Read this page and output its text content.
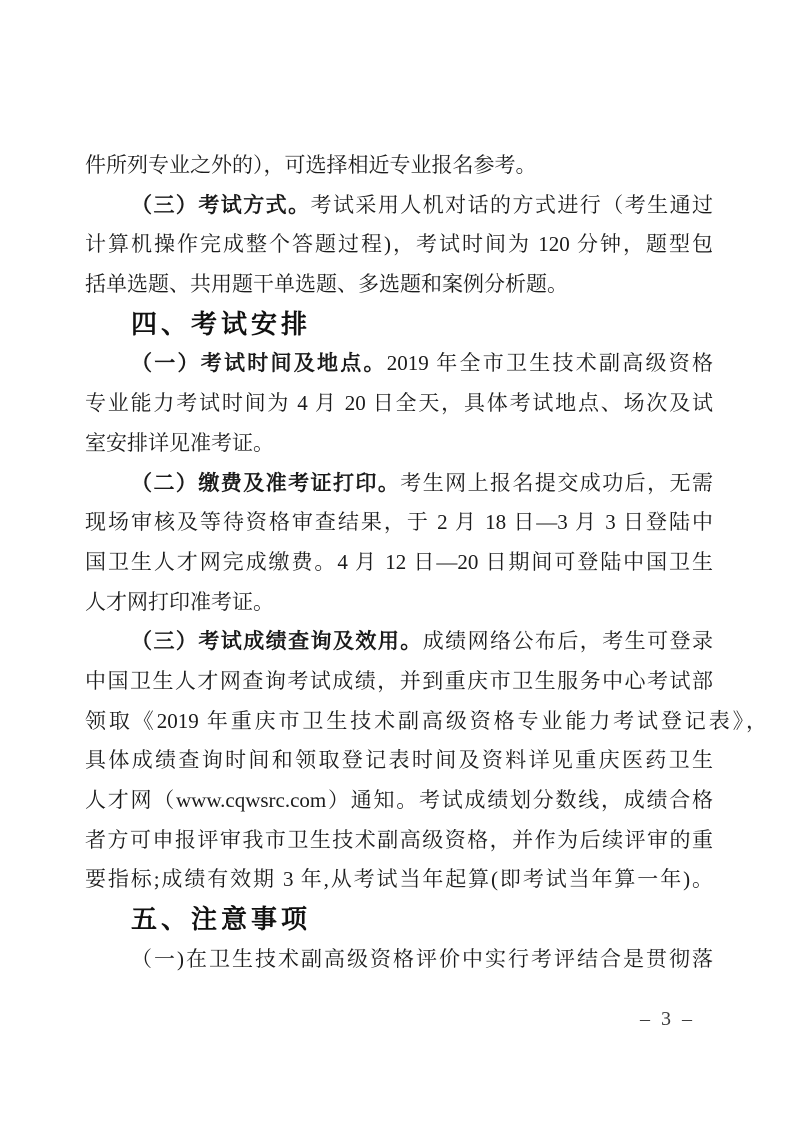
件所列专业之外的），可选择相近专业报名参考。
（三）考试方式。考试采用人机对话的方式进行（考生通过
计算机操作完成整个答题过程)，考试时间为 120 分钟，题型包
括单选题、共用题干单选题、多选题和案例分析题。
四、考试安排
（一）考试时间及地点。2019 年全市卫生技术副高级资格
专业能力考试时间为 4 月 20 日全天，具体考试地点、场次及试
室安排详见准考证。
（二）缴费及准考证打印。考生网上报名提交成功后，无需
现场审核及等待资格审查结果，于 2 月 18 日—3 月 3 日登陆中
国卫生人才网完成缴费。4 月 12 日—20 日期间可登陆中国卫生
人才网打印准考证。
（三）考试成绩查询及效用。成绩网络公布后，考生可登录
中国卫生人才网查询考试成绩，并到重庆市卫生服务中心考试部
领取《2019 年重庆市卫生技术副高级资格专业能力考试登记表》，
具体成绩查询时间和领取登记表时间及资料详见重庆医药卫生
人才网（www.cqwsrc.com）通知。考试成绩划分数线，成绩合格
者方可申报评审我市卫生技术副高级资格，并作为后续评审的重
要指标;成绩有效期 3 年,从考试当年起算(即考试当年算一年)。
五、注意事项
（一)在卫生技术副高级资格评价中实行考评结合是贯彻落
– 3 –
